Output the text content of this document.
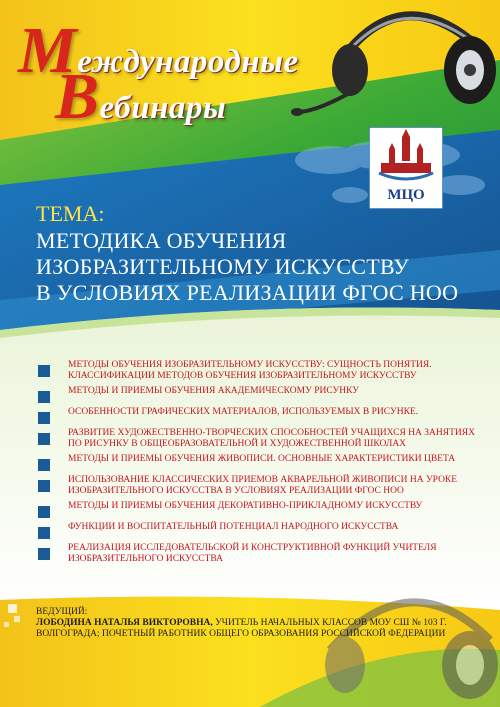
Международные
Вебинары
МЦО
ТЕМА:
МЕТОДИКА ОБУЧЕНИЯ
ИЗОБРАЗИТЕЛЬНОМУ ИСКУССТВУ
В УСЛОВИЯХ РЕАЛИЗАЦИИ ФГОС НОО
МЕТОДЫ ОБУЧЕНИЯ ИЗОБРАЗИТЕЛЬНОМУ ИСКУССТВУ: СУЩНОСТЬ ПОНЯТИЯ. КЛАССИФИКАЦИИ МЕТОДОВ ОБУЧЕНИЯ ИЗОБРАЗИТЕЛЬНОМУ ИСКУССТВУ
МЕТОДЫ И ПРИЕМЫ ОБУЧЕНИЯ АКАДЕМИЧЕСКОМУ РИСУНКУ
ОСОБЕННОСТИ ГРАФИЧЕСКИХ МАТЕРИАЛОВ, ИСПОЛЬЗУЕМЫХ В РИСУНКЕ.
РАЗВИТИЕ ХУДОЖЕСТВЕННО-ТВОРЧЕСКИХ СПОСОБНОСТЕЙ УЧАЩИХСЯ НА ЗАНЯТИЯХ ПО РИСУНКУ В ОБЩЕОБРАЗОВАТЕЛЬНОЙ И ХУДОЖЕСТВЕННОЙ ШКОЛАХ
МЕТОДЫ И ПРИЕМЫ ОБУЧЕНИЯ ЖИВОПИСИ. ОСНОВНЫЕ ХАРАКТЕРИСТИКИ ЦВЕТА
ИСПОЛЬЗОВАНИЕ КЛАССИЧЕСКИХ ПРИЕМОВ АКВАРЕЛЬНОЙ ЖИВОПИСИ НА УРОКЕ ИЗОБРАЗИТЕЛЬНОГО ИСКУССТВА В УСЛОВИЯХ РЕАЛИЗАЦИИ ФГОС НОО
МЕТОДЫ И ПРИЕМЫ ОБУЧЕНИЯ ДЕКОРАТИВНО-ПРИКЛАДНОМУ ИСКУССТВУ
ФУНКЦИИ И ВОСПИТАТЕЛЬНЫЙ ПОТЕНЦИАЛ НАРОДНОГО ИСКУССТВА
РЕАЛИЗАЦИЯ ИССЛЕДОВАТЕЛЬСКОЙ И КОНСТРУКТИВНОЙ ФУНКЦИЙ УЧИТЕЛЯ ИЗОБРАЗИТЕЛЬНОГО ИСКУССТВА
ВЕДУЩИЙ:
ЛОБОДИНА НАТАЛЬЯ ВИКТОРОВНА, УЧИТЕЛЬ НАЧАЛЬНЫХ КЛАССОВ МОУ СШ № 103 Г. ВОЛГОГРАДА; ПОЧЕТНЫЙ РАБОТНИК ОБЩЕГО ОБРАЗОВАНИЯ РОССИЙСКОЙ ФЕДЕРАЦИИ
